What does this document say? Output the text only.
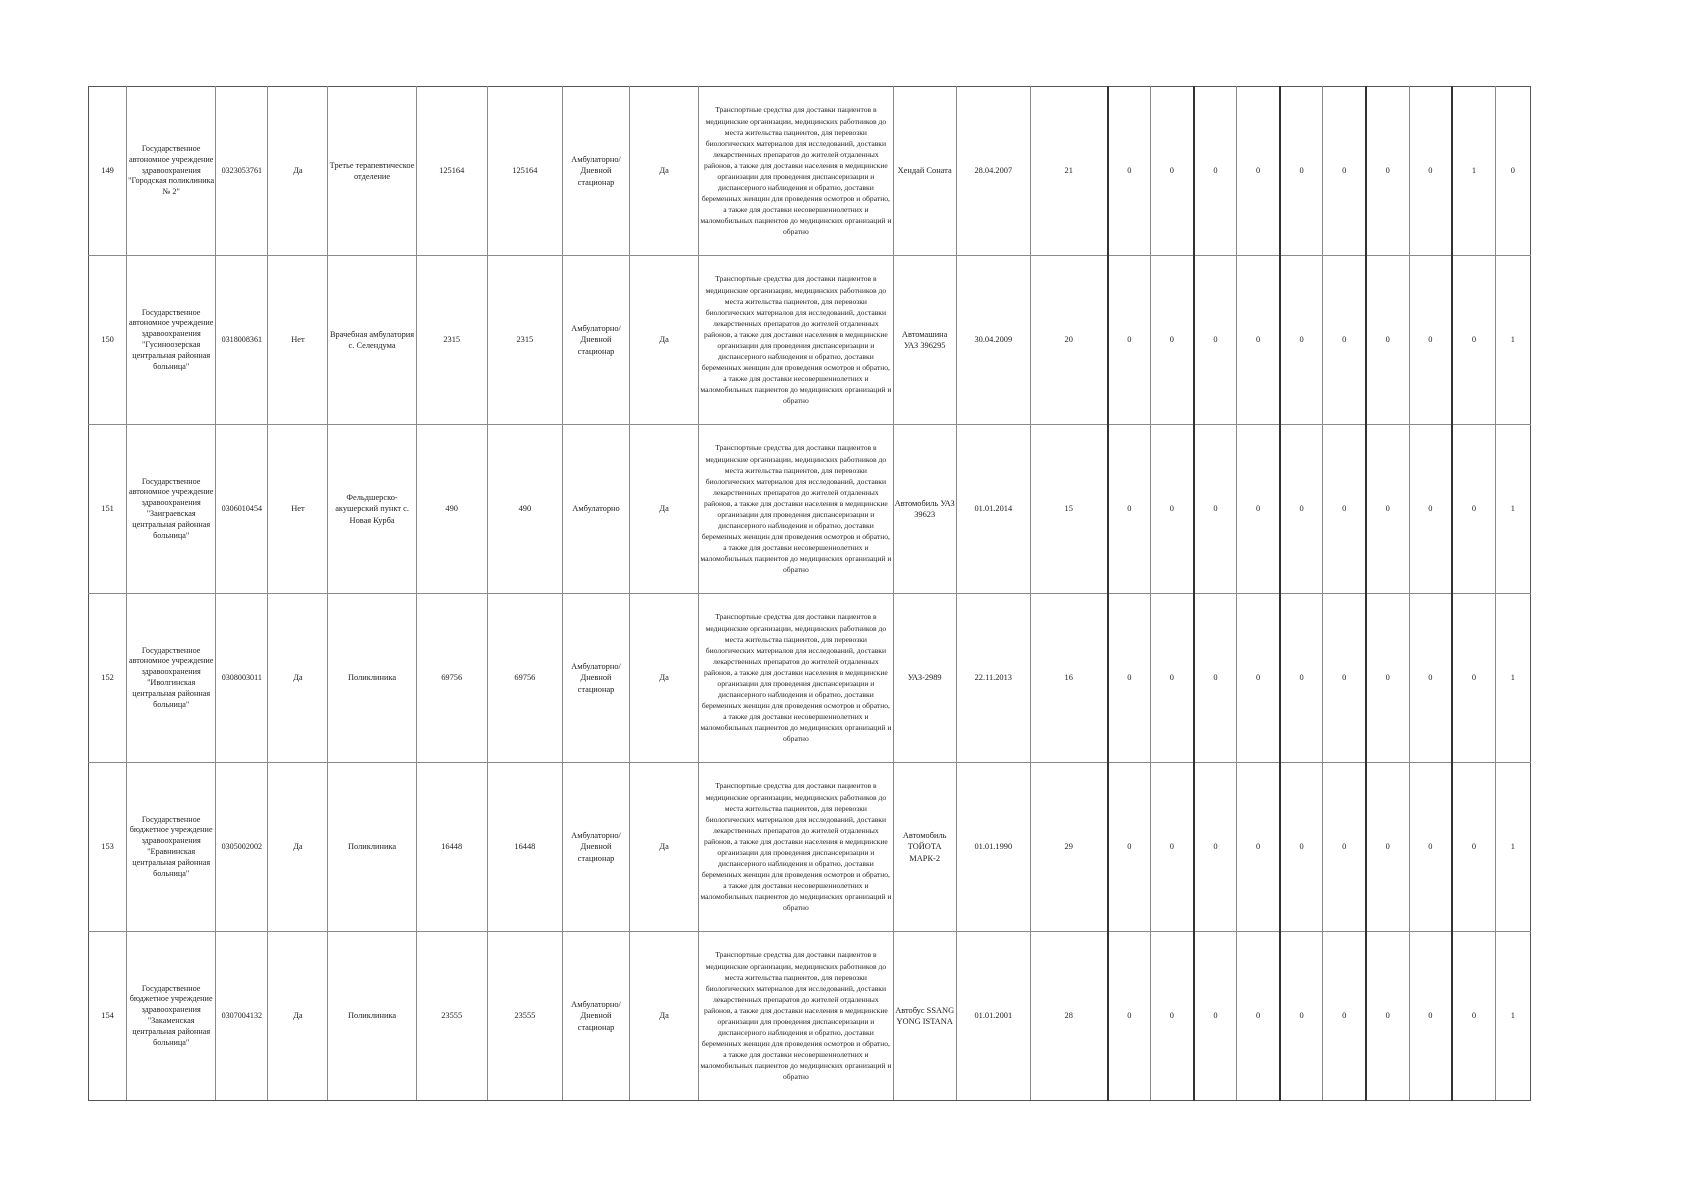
149	Государственное автономное учреждение здравоохранения "Городская поликлиника № 2"	0323053761	Да	Третье терапевтическое отделение	125164	125164	Амбулаторно/Дневной стационар	Да	Транспортные средства для доставки пациентов в медицинские организации, медицинских работников до места жительства пациентов, для перевозки биологических материалов для исследований, доставки лекарственных препаратов до жителей отдаленных районов, а также для доставки населения в медицинские организации для проведения диспансеризации и диспансерного наблюдения и обратно, доставки беременных женщин для проведения осмотров и обратно, а также для доставки несовершеннолетних и маломобильных пациентов до медицинских организаций и обратно	Хендай Соната	28.04.2007	21	0	0	0	0	0	0	0	0	1	0
150	Государственное автономное учреждение здравоохранения "Гусиноозерская центральная районная больница"	0318008361	Нет	Врачебная амбулатория с. Селендума	2315	2315	Амбулаторно/Дневной стационар	Да	Транспортные средства для доставки пациентов в медицинские организации, медицинских работников до места жительства пациентов, для перевозки биологических материалов для исследований, доставки лекарственных препаратов до жителей отдаленных районов, а также для доставки населения в медицинские организации для проведения диспансеризации и диспансерного наблюдения и обратно, доставки беременных женщин для проведения осмотров и обратно, а также для доставки несовершеннолетних и маломобильных пациентов до медицинских организаций и обратно	Автомашина УАЗ 396295	30.04.2009	20	0	0	0	0	0	0	0	0	0	1
151	Государственное автономное учреждение здравоохранения "Заиграевская центральная районная больница"	0306010454	Нет	Фельдшерско-акушерский пункт с. Новая Курба	490	490	Амбулаторно	Да	Транспортные средства для доставки пациентов в медицинские организации, медицинских работников до места жительства пациентов, для перевозки биологических материалов для исследований, доставки лекарственных препаратов до жителей отдаленных районов, а также для доставки населения в медицинские организации для проведения диспансеризации и диспансерного наблюдения и обратно, доставки беременных женщин для проведения осмотров и обратно, а также для доставки несовершеннолетних и маломобильных пациентов до медицинских организаций и обратно	Автомобиль УАЗ 39623	01.01.2014	15	0	0	0	0	0	0	0	0	0	1
152	Государственное автономное учреждение здравоохранения "Иволгинская центральная районная больница"	0308003011	Да	Поликлиника	69756	69756	Амбулаторно/Дневной стационар	Да	Транспортные средства для доставки пациентов в медицинские организации, медицинских работников до места жительства пациентов, для перевозки биологических материалов для исследований, доставки лекарственных препаратов до жителей отдаленных районов, а также для доставки населения в медицинские организации для проведения диспансеризации и диспансерного наблюдения и обратно, доставки беременных женщин для проведения осмотров и обратно, а также для доставки несовершеннолетних и маломобильных пациентов до медицинских организаций и обратно	УАЗ-2989	22.11.2013	16	0	0	0	0	0	0	0	0	0	1
153	Государственное бюджетное учреждение здравоохранения "Еравнинская центральная районная больница"	0305002002	Да	Поликлиника	16448	16448	Амбулаторно/Дневной стационар	Да	Транспортные средства для доставки пациентов в медицинские организации, медицинских работников до места жительства пациентов, для перевозки биологических материалов для исследований, доставки лекарственных препаратов до жителей отдаленных районов, а также для доставки населения в медицинские организации для проведения диспансеризации и диспансерного наблюдения и обратно, доставки беременных женщин для проведения осмотров и обратно, а также для доставки несовершеннолетних и маломобильных пациентов до медицинских организаций и обратно	Автомобиль ТОЙОТА МАРК-2	01.01.1990	29	0	0	0	0	0	0	0	0	0	1
154	Государственное бюджетное учреждение здравоохранения "Закаменская центральная районная больница"	0307004132	Да	Поликлиника	23555	23555	Амбулаторно/Дневной стационар	Да	Транспортные средства для доставки пациентов в медицинские организации, медицинских работников до места жительства пациентов, для перевозки биологических материалов для исследований, доставки лекарственных препаратов до жителей отдаленных районов, а также для доставки населения в медицинские организации для проведения диспансеризации и диспансерного наблюдения и обратно, доставки беременных женщин для проведения осмотров и обратно, а также для доставки несовершеннолетних и маломобильных пациентов до медицинских организаций и обратно	Автобус SSANG YONG ISTANA	01.01.2001	28	0	0	0	0	0	0	0	0	0	1
